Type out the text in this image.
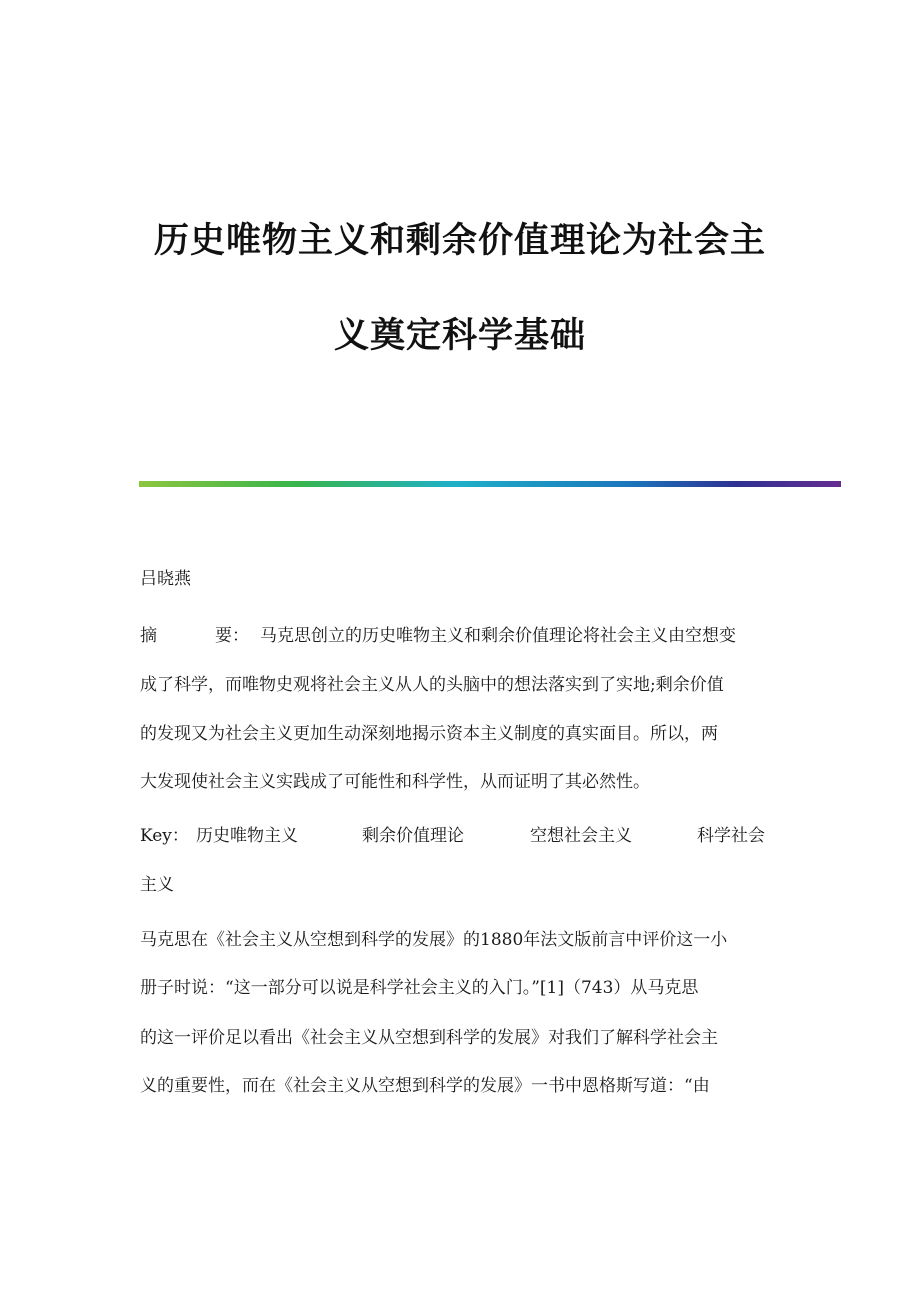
历史唯物主义和剩余价值理论为社会主
义奠定科学基础
吕晓燕
摘	要： 马克思创立的历史唯物主义和剩余价值理论将社会主义由空想变
成了科学，而唯物史观将社会主义从人的头脑中的想法落实到了实地;剩余价值
的发现又为社会主义更加生动深刻地揭示资本主义制度的真实面目。所以，两
大发现使社会主义实践成了可能性和科学性，从而证明了其必然性。
Key： 历史唯物主义	剩余价值理论	空想社会主义	科学社会
主义
马克思在《社会主义从空想到科学的发展》的1880年法文版前言中评价这一小
册子时说：“这一部分可以说是科学社会主义的入门。”[1]（743）从马克思
的这一评价足以看出《社会主义从空想到科学的发展》对我们了解科学社会主
义的重要性，而在《社会主义从空想到科学的发展》一书中恩格斯写道：“由
